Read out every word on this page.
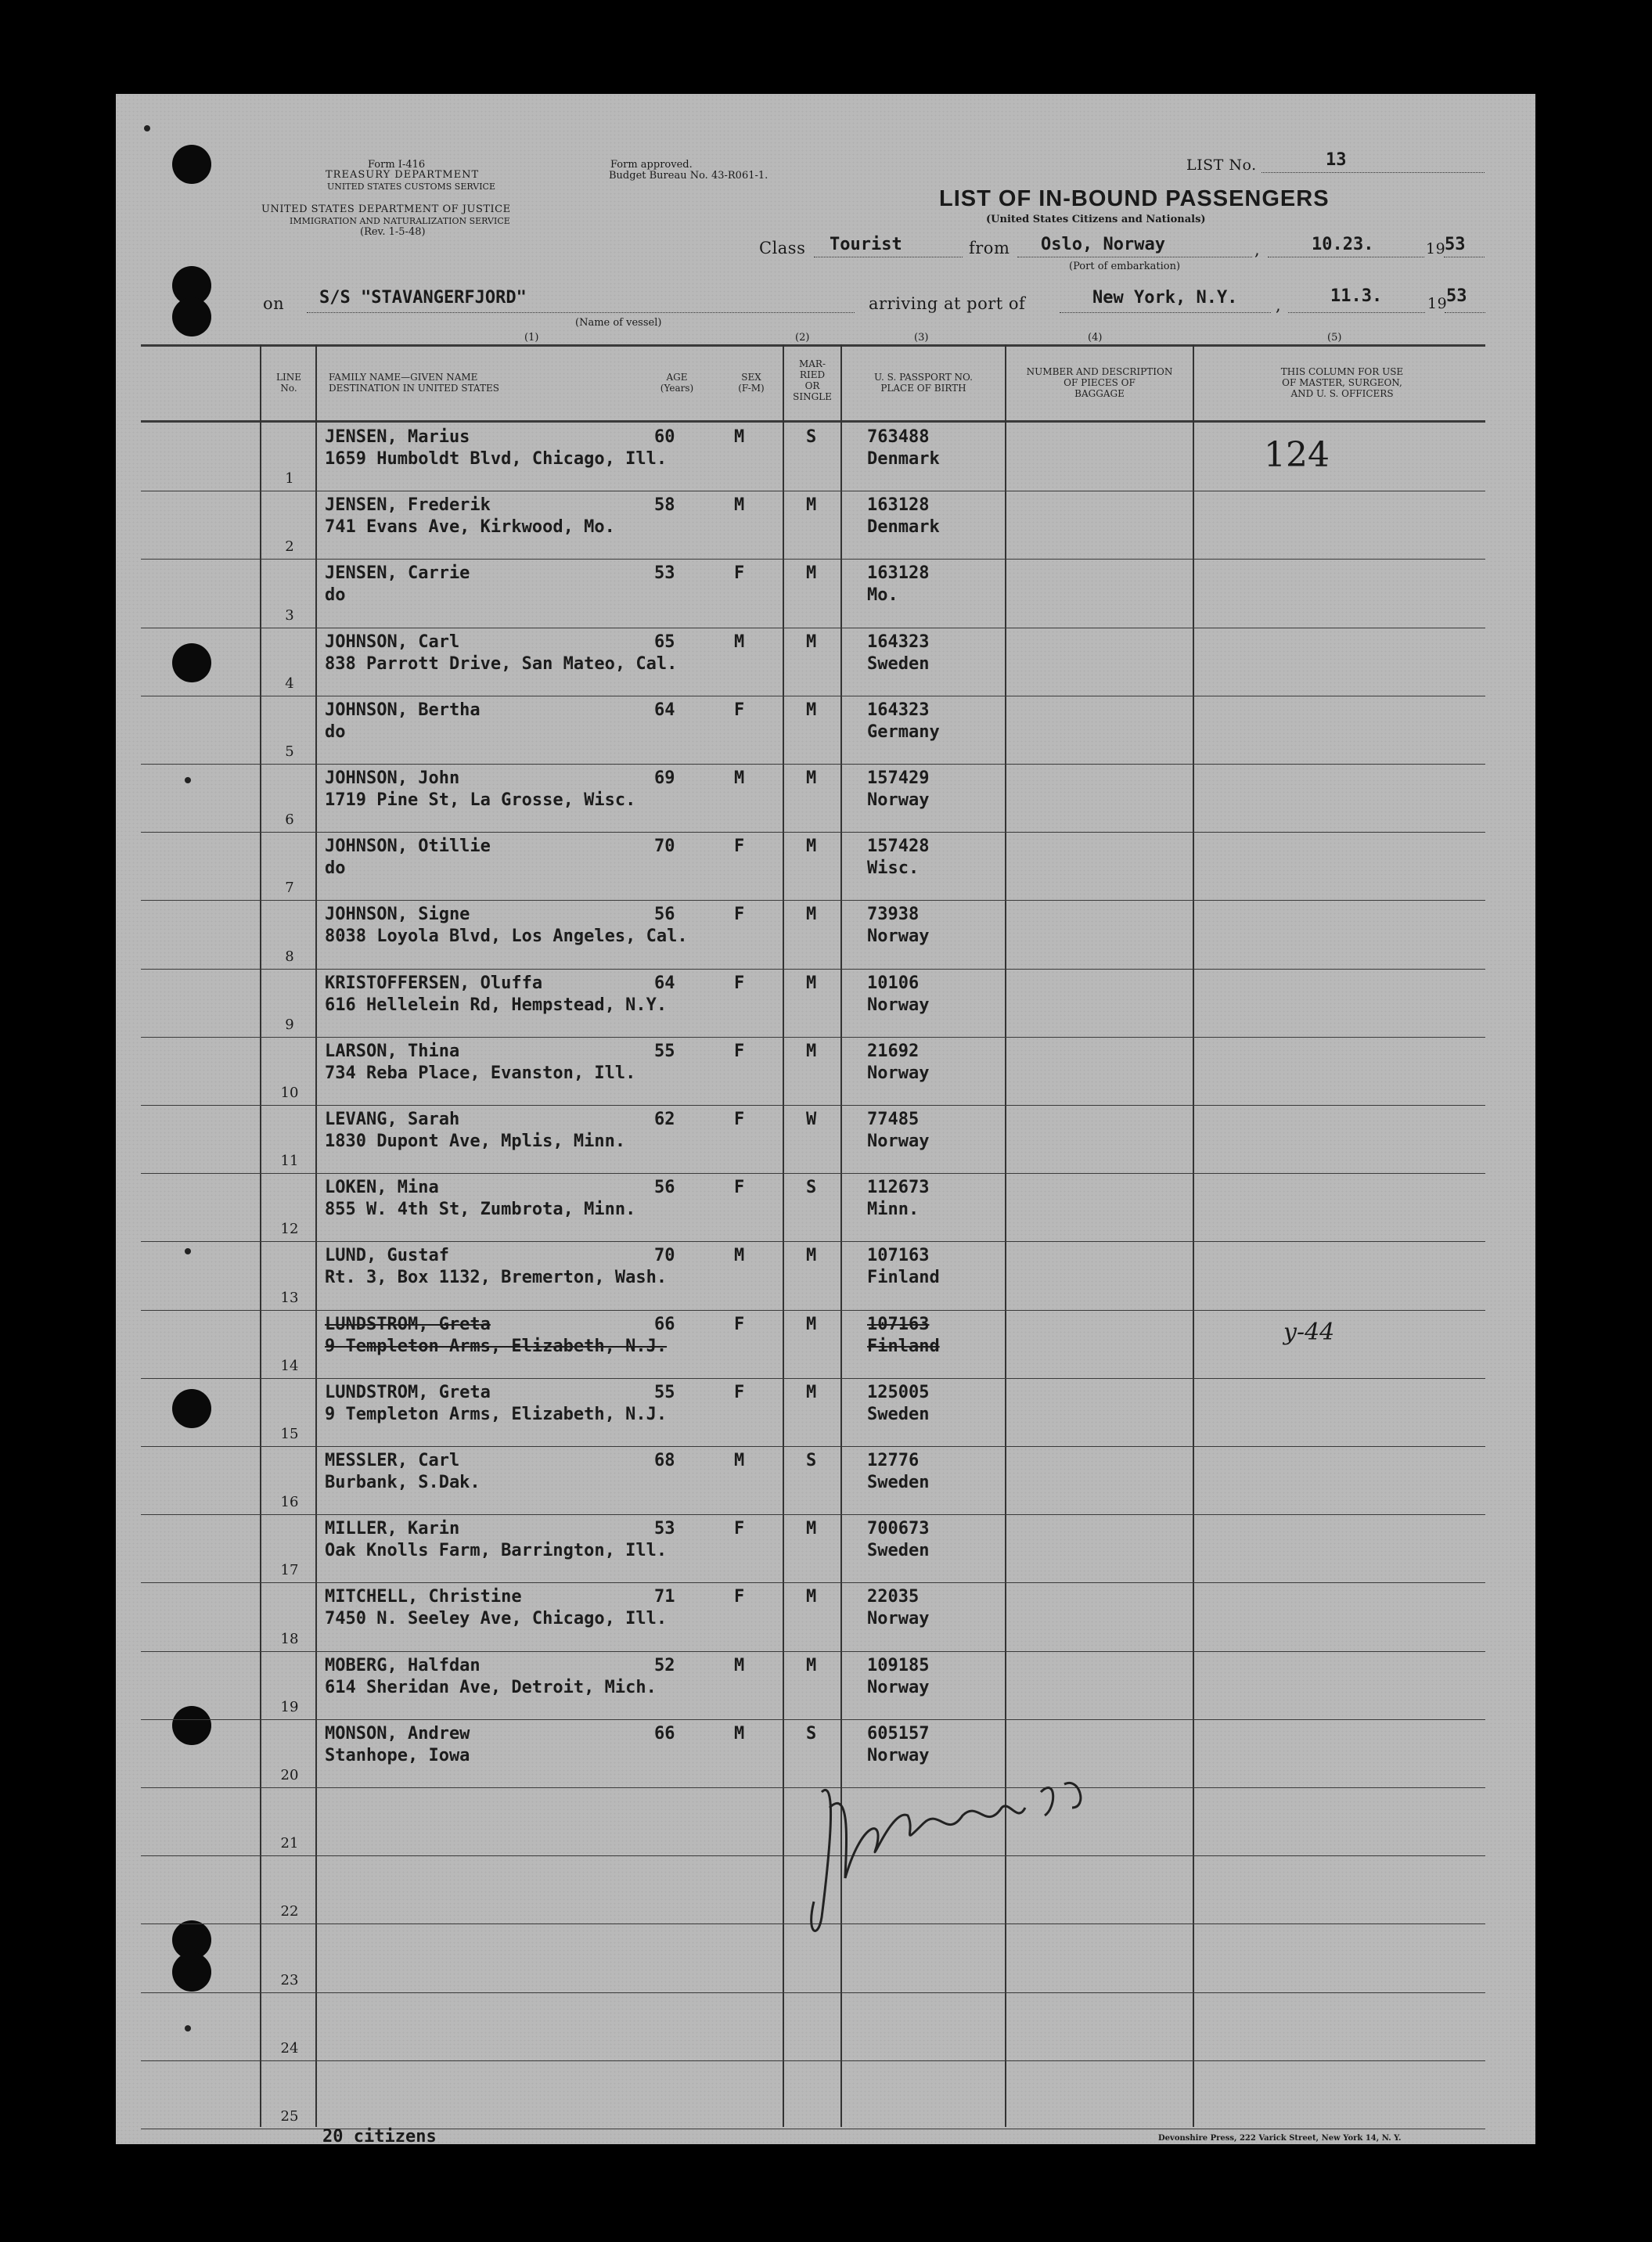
Form I-416
TREASURY DEPARTMENT
UNITED STATES CUSTOMS SERVICE
UNITED STATES DEPARTMENT OF JUSTICE
IMMIGRATION AND NATURALIZATION SERVICE
(Rev. 1-5-48)
Form approved.
Budget Bureau No. 43-R061-1.
LIST No.	13
LIST OF IN-BOUND PASSENGERS
(United States Citizens and Nationals)
Class Tourist	from Oslo, Norway
(Port of embarkation)
,	10.23.	19
53
on S/S "STAVANGERFJORD"
(Name of vessel)
arriving at port of	New York, N.Y. ,	11.3.	19
53
(1)	(2)	(3)	(4)	(5)
LINE
No.
FAMILY NAME—GIVEN NAME
DESTINATION IN UNITED STATES
AGE
(Years)
SEX
(F-M)
MAR-
RIED
OR
SINGLE
U. S. PASSPORT NO.
PLACE OF BIRTH
NUMBER AND DESCRIPTION
OF PIECES OF
BAGGAGE
THIS COLUMN FOR USE
OF MASTER, SURGEON,
AND U. S. OFFICERS
1
JENSEN, Marius
1659 Humboldt Blvd, Chicago, Ill.
60	M	S	763488
Denmark
2
JENSEN, Frederik
741 Evans Ave, Kirkwood, Mo.
58	M	M	163128
Denmark
3
JENSEN, Carrie
do
53	F	M	163128
Mo.
4
JOHNSON, Carl
838 Parrott Drive, San Mateo, Cal.
65	M	M	164323
Sweden
5
JOHNSON, Bertha
do
64	F	M	164323
Germany
6
JOHNSON, John
1719 Pine St, La Grosse, Wisc.
69	M	M	157429
Norway
7
JOHNSON, Otillie
do
70	F	M	157428
Wisc.
8
JOHNSON, Signe
8038 Loyola Blvd, Los Angeles, Cal.
56	F	M	73938
Norway
9
KRISTOFFERSEN, Oluffa
616 Hellelein Rd, Hempstead, N.Y.
64	F	M	10106
Norway
10
LARSON, Thina
734 Reba Place, Evanston, Ill.
55	F	M	21692
Norway
11
LEVANG, Sarah
1830 Dupont Ave, Mplis, Minn.
62	F	W	77485
Norway
12
LOKEN, Mina
855 W. 4th St, Zumbrota, Minn.
56	F	S	112673
Minn.
13
LUND, Gustaf
Rt. 3, Box 1132, Bremerton, Wash.
70	M	M	107163
Finland
14
LUNDSTROM, Greta
9 Templeton Arms, Elizabeth, N.J.
66	F	M	107163
Finland
15
LUNDSTROM, Greta
9 Templeton Arms, Elizabeth, N.J.
55	F	M	125005
Sweden
16
MESSLER, Carl
Burbank, S.Dak.
68	M	S	12776
Sweden
17
MILLER, Karin
Oak Knolls Farm, Barrington, Ill.
53	F	M	700673
Sweden
18
MITCHELL, Christine
7450 N. Seeley Ave, Chicago, Ill.
71	F	M	22035
Norway
19
MOBERG, Halfdan
614 Sheridan Ave, Detroit, Mich.
52	M	M	109185
Norway
20
MONSON, Andrew
Stanhope, Iowa
66	M	S	605157
Norway
21
22
23
24
25
124
y-44
20 citizens	Devonshire Press, 222 Varick Street, New York 14, N. Y.
